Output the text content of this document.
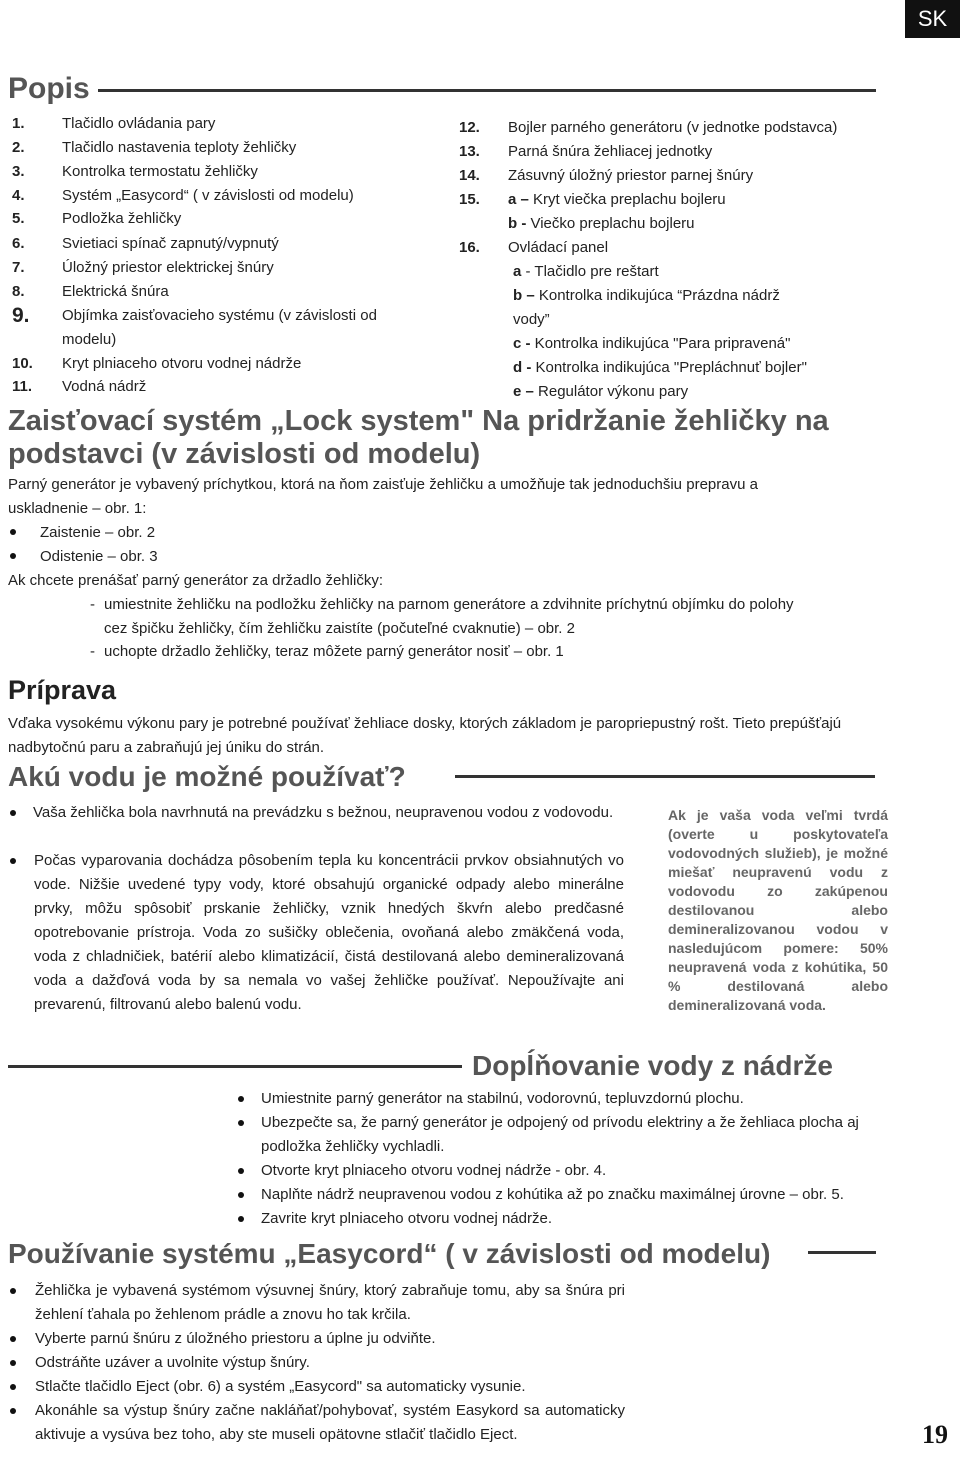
SK
Popis
1. Tlačidlo ovládania pary
2. Tlačidlo nastavenia teploty žehličky
3. Kontrolka termostatu žehličky
4. Systém „Easycord“ ( v závislosti od modelu)
5. Podložka žehličky
6. Svietiaci spínač zapnutý/vypnutý
7. Úložný priestor elektrickej šnúry
8. Elektrická šnúra
9. Objímka zaisťovacieho systému (v závislosti od
modelu)
10. Kryt plniaceho otvoru vodnej nádrže
11. Vodná nádrž
12. Bojler parného generátoru (v jednotke podstavca)
13. Parná šnúra žehliacej jednotky
14. Zásuvný úložný priestor parnej šnúry
15. a – Kryt viečka preplachu bojleru
b - Viečko preplachu bojleru
16. Ovládací panel
a - Tlačidlo pre reštart
b – Kontrolka indikujúca “Prázdna nádrž
vody”
c - Kontrolka indikujúca "Para pripravená"
d - Kontrolka indikujúca "Prepláchnuť bojler"
e – Regulátor výkonu pary
Zaisťovací systém „Lock system" Na pridržanie žehličky na
podstavci (v závislosti od modelu)
Parný generátor je vybavený príchytkou, ktorá na ňom zaisťuje žehličku a umožňuje tak jednoduchšiu prepravu a uskladnenie – obr. 1:
Zaistenie – obr. 2
Odistenie – obr. 3
Ak chcete prenášať parný generátor za držadlo žehličky:
- umiestnite žehličku na podložku žehličky na parnom generátore a zdvihnite príchytnú objímku do polohy
cez špičku žehličky, čím žehličku zaistíte (počuteľné cvaknutie) – obr. 2
- uchopte držadlo žehličky, teraz môžete parný generátor nosiť – obr. 1
Príprava
Vďaka vysokému výkonu pary je potrebné používať žehliace dosky, ktorých základom je paropriepustný rošt. Tieto prepúšťajú nadbytočnú paru a zabraňujú jej úniku do strán.
Akú vodu je možné používať?
Vaša žehlička bola navrhnutá na prevádzku s bežnou, neupravenou vodou z vodovodu.
Počas vyparovania dochádza pôsobením tepla ku koncentrácii prvkov obsiahnutých vo vode. Nižšie uvedené typy vody, ktoré obsahujú organické odpady alebo minerálne prvky, môžu spôsobiť prskanie žehličky, vznik hnedých škvŕn alebo predčasné opotrebovanie prístroja. Voda zo sušičky oblečenia, ovoňaná alebo zmäkčená voda, voda z chladničiek, batérií alebo klimatizácií, čistá destilovaná alebo demineralizovaná voda a dažďová voda by sa nemala vo vašej žehličke používať. Nepoužívajte ani prevarenú, filtrovanú alebo balenú vodu.
Ak je vaša voda veľmi tvrdá (overte u poskytovateľa vodovodných služieb), je možné miešať neupravenú vodu z vodovodu zo zakúpenou destilovanou alebo demineralizovanou vodou v nasledujúcom pomere: 50% neupravená voda z kohútika, 50 % destilovaná alebo demineralizovaná voda.
Dopĺňovanie vody z nádrže
Umiestnite parný generátor na stabilnú, vodorovnú, tepluvzdornú plochu.
Ubezpečte sa, že parný generátor je odpojený od prívodu elektriny a že žehliaca plocha aj podložka žehličky vychladli.
Otvorte kryt plniaceho otvoru vodnej nádrže - obr. 4.
Naplňte nádrž neupravenou vodou z kohútika až po značku maximálnej úrovne – obr. 5.
Zavrite kryt plniaceho otvoru vodnej nádrže.
Používanie systému „Easycord“ ( v závislosti od modelu)
Žehlička je vybavená systémom výsuvnej šnúry, ktorý zabraňuje tomu, aby sa šnúra pri žehlení ťahala po žehlenom prádle a znovu ho tak krčila.
Vyberte parnú šnúru z úložného priestoru a úplne ju odviňte.
Odstráňte uzáver a uvolnite výstup šnúry.
Stlačte tlačidlo Eject (obr. 6) a systém „Easycord" sa automaticky vysunie.
Akonáhle sa výstup šnúry začne nakláňať/pohybovať, systém Easykord sa automaticky aktivuje a vysúva bez toho, aby ste museli opätovne stlačiť tlačidlo Eject.	19
